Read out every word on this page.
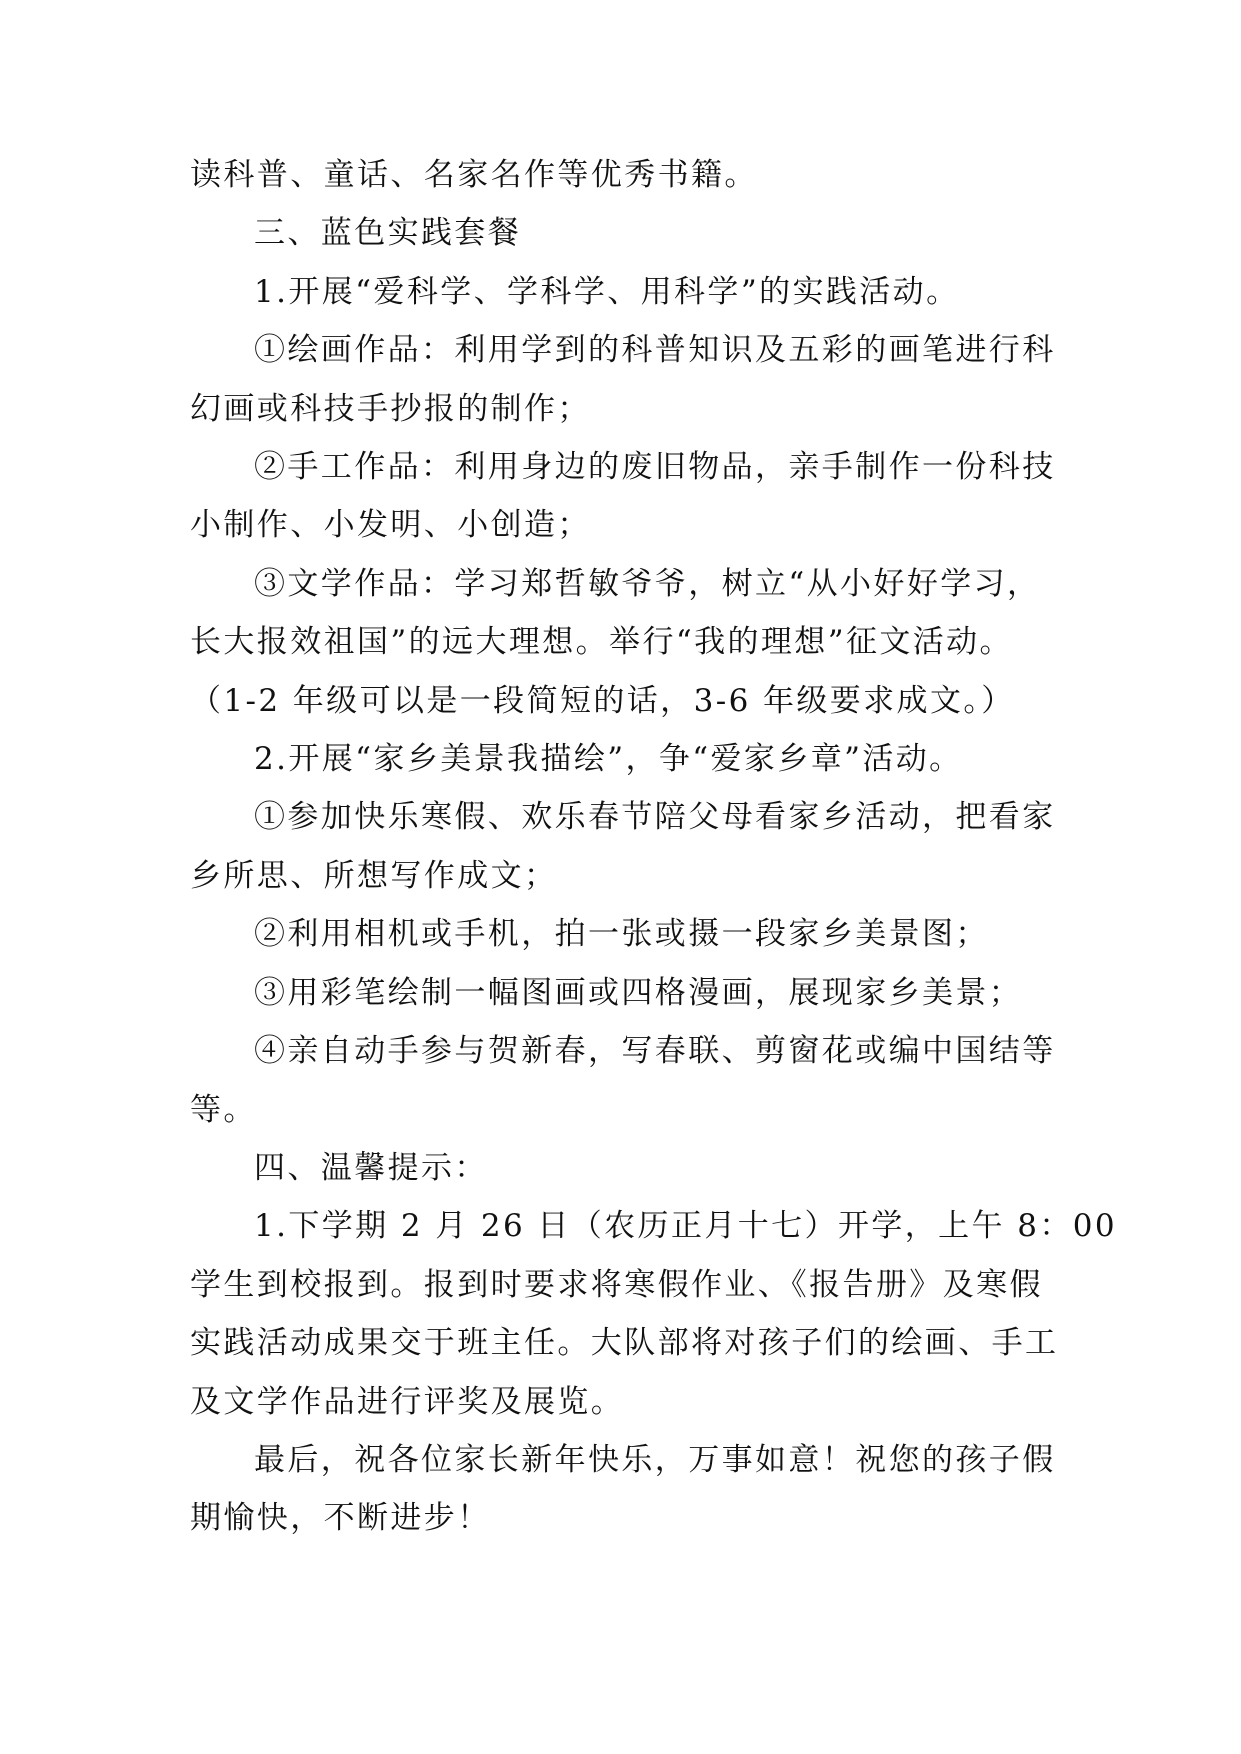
读科普、童话、名家名作等优秀书籍。
三、蓝色实践套餐
1.开展“爱科学、学科学、用科学”的实践活动。
①绘画作品：利用学到的科普知识及五彩的画笔进行科
幻画或科技手抄报的制作；
②手工作品：利用身边的废旧物品，亲手制作一份科技
小制作、小发明、小创造；
③文学作品：学习郑哲敏爷爷，树立“从小好好学习，
长大报效祖国”的远大理想。举行“我的理想”征文活动。
（1-2 年级可以是一段简短的话，3-6 年级要求成文。）
2.开展“家乡美景我描绘”，争“爱家乡章”活动。
①参加快乐寒假、欢乐春节陪父母看家乡活动，把看家
乡所思、所想写作成文；
②利用相机或手机，拍一张或摄一段家乡美景图；
③用彩笔绘制一幅图画或四格漫画，展现家乡美景；
④亲自动手参与贺新春，写春联、剪窗花或编中国结等
等。
四、温馨提示：
1.下学期 2 月 26 日（农历正月十七）开学，上午 8：00
学生到校报到。报到时要求将寒假作业、《报告册》及寒假
实践活动成果交于班主任。大队部将对孩子们的绘画、手工
及文学作品进行评奖及展览。
最后，祝各位家长新年快乐，万事如意！祝您的孩子假
期愉快，不断进步！
